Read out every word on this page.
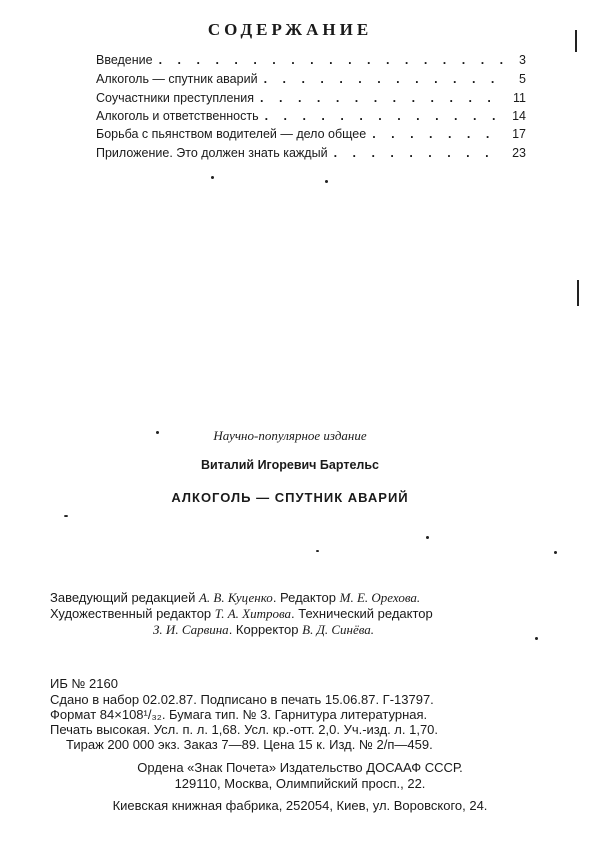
СОДЕРЖАНИЕ
Введение . . .	3
Алкоголь — спутник аварий . . .	5
Соучастники преступления . . .	11
Алкоголь и ответственность . . .	14
Борьба с пьянством водителей — дело общее . . .	17
Приложение. Это должен знать каждый . . .	23
Научно-популярное издание
Виталий Игоревич Бартельс
АЛКОГОЛЬ — СПУТНИК АВАРИЙ
Заведующий редакцией А. В. Куценко. Редактор М. Е. Орехова.
Художественный редактор Т. А. Хитрова. Технический редактор
З. И. Сарвина. Корректор В. Д. Синёва.
ИБ № 2160
Сдано в набор 02.02.87. Подписано в печать 15.06.87. Г-13797.
Формат 84×108¹/₃₂. Бумага тип. № 3. Гарнитура литературная.
Печать высокая. Усл. п. л. 1,68. Усл. кр.-отт. 2,0. Уч.-изд. л. 1,70.
Тираж 200 000 экз. Заказ 7—89. Цена 15 к. Изд. № 2/п—459.
Ордена «Знак Почета» Издательство ДОСААФ СССР.
129110, Москва, Олимпийский просп., 22.
Киевская книжная фабрика, 252054, Киев, ул. Воровского, 24.
